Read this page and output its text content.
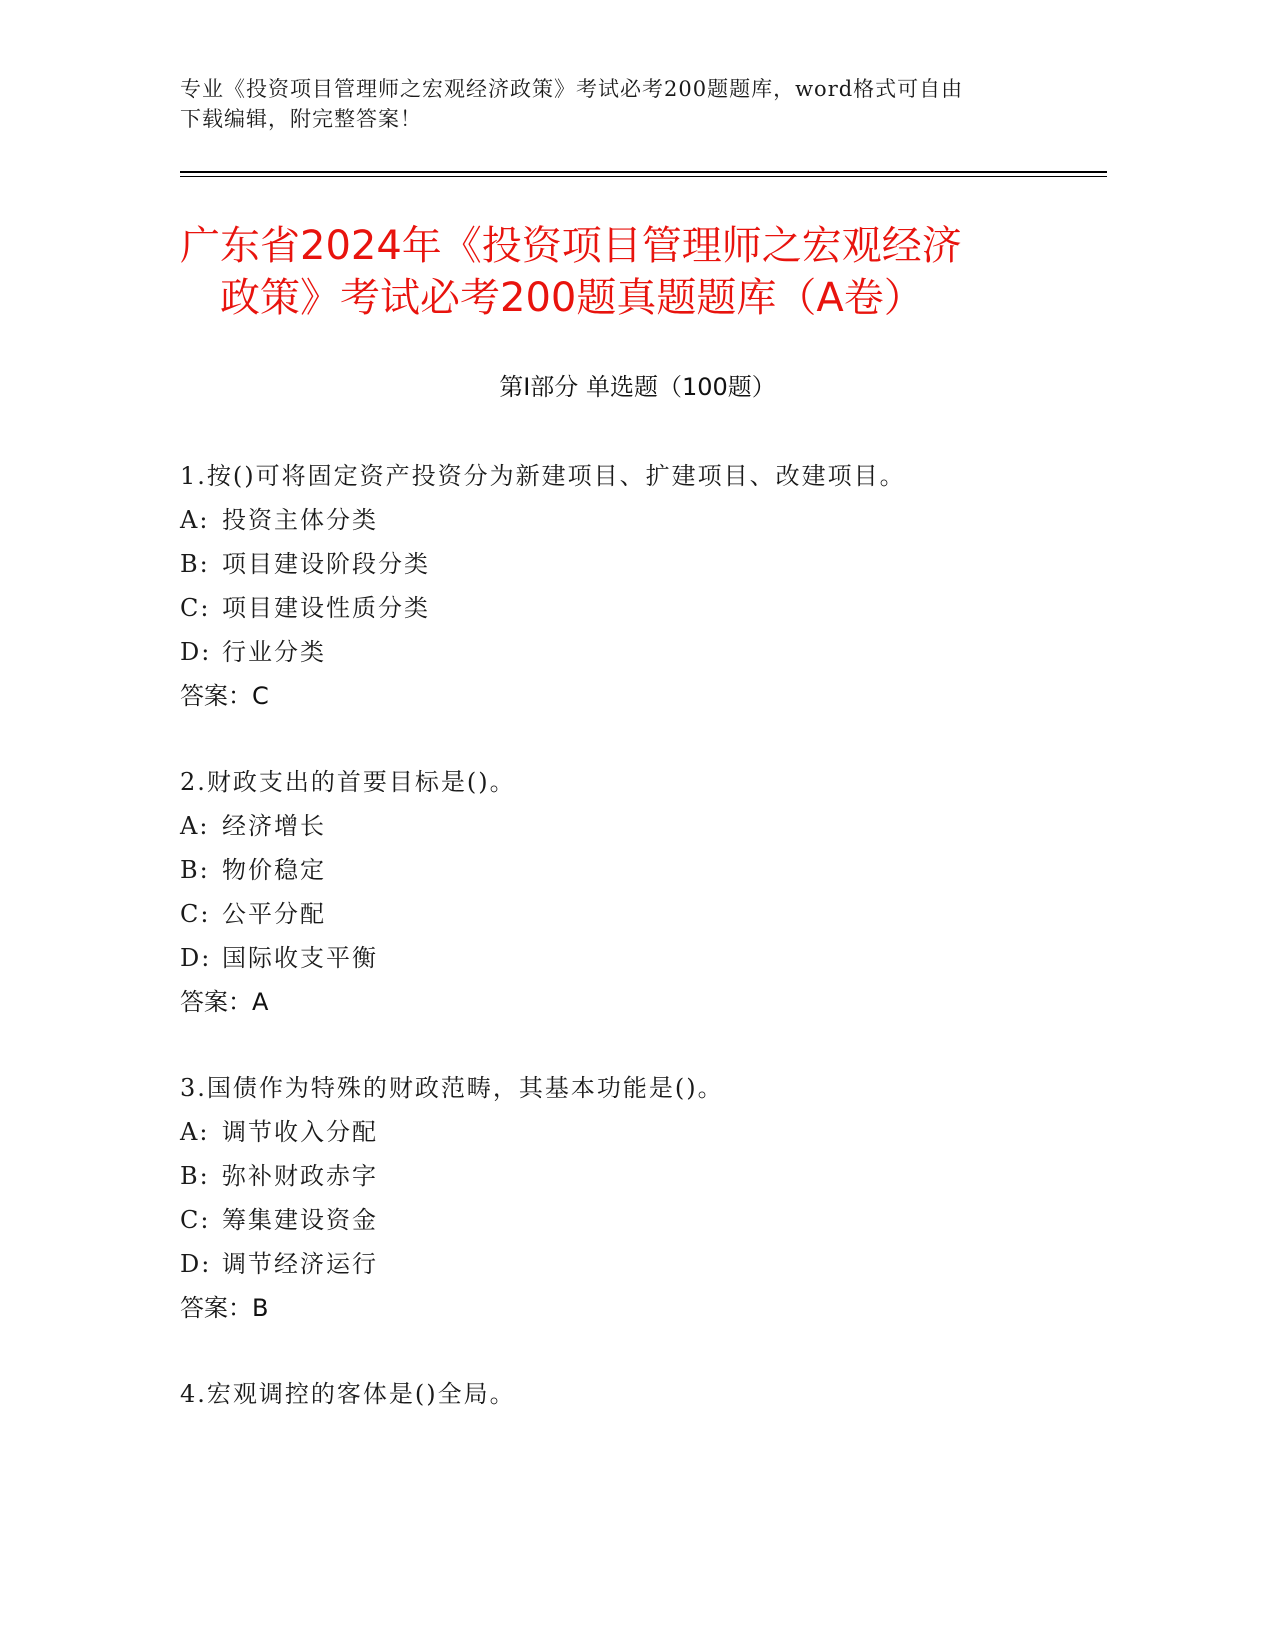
专业《投资项目管理师之宏观经济政策》考试必考200题题库，word格式可自由
下载编辑，附完整答案！
广东省2024年《投资项目管理师之宏观经济
政策》考试必考200题真题题库（A卷）
第Ⅰ部分 单选题（100题）
1.按()可将固定资产投资分为新建项目、扩建项目、改建项目。
A: 投资主体分类
B: 项目建设阶段分类
C: 项目建设性质分类
D: 行业分类
答案：C
2.财政支出的首要目标是()。
A: 经济增长
B: 物价稳定
C: 公平分配
D: 国际收支平衡
答案：A
3.国债作为特殊的财政范畴，其基本功能是()。
A: 调节收入分配
B: 弥补财政赤字
C: 筹集建设资金
D: 调节经济运行
答案：B
4.宏观调控的客体是()全局。
